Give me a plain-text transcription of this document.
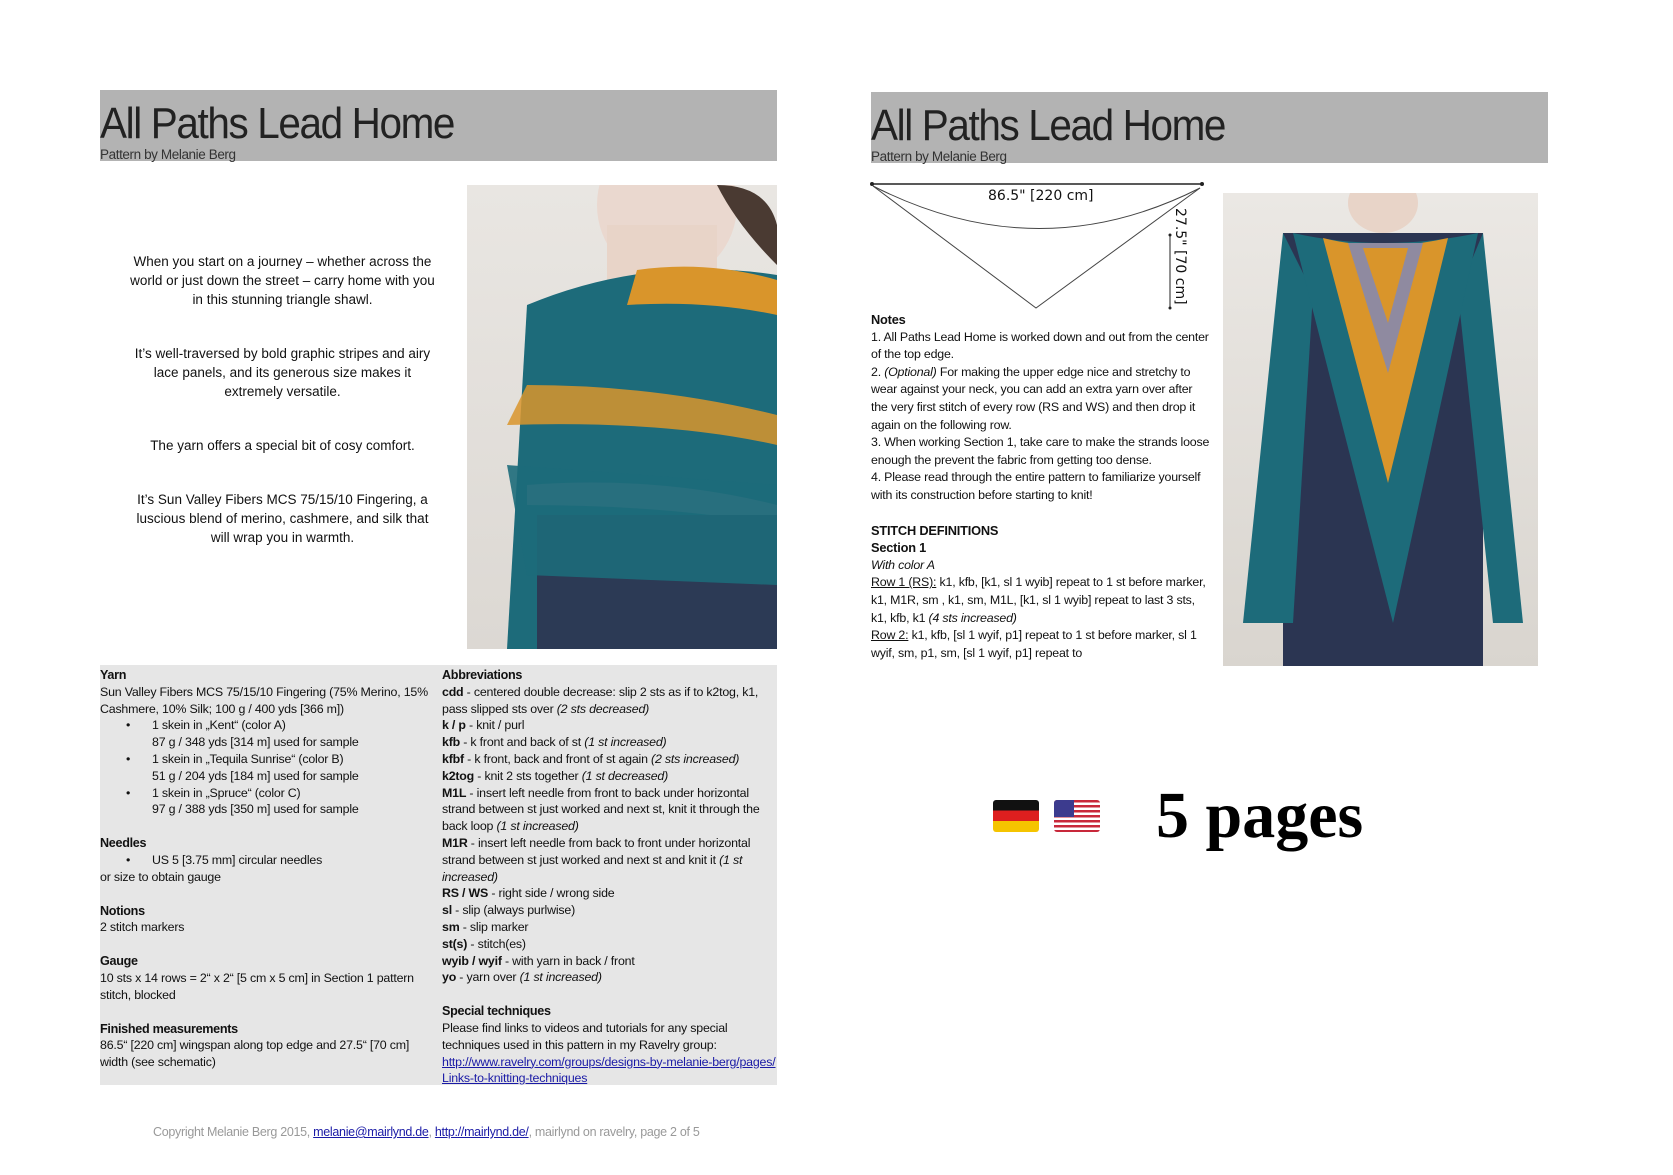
All Paths Lead Home
Pattern by Melanie Berg

When you start on a journey – whether across the world or just down the street – carry home with you in this stunning triangle shawl.

It’s well-traversed by bold graphic stripes and airy lace panels, and its generous size makes it extremely versatile.

The yarn offers a special bit of cosy comfort.

It’s Sun Valley Fibers MCS 75/15/10 Fingering, a luscious blend of merino, cashmere, and silk that will wrap you in warmth.

Yarn
Sun Valley Fibers MCS 75/15/10 Fingering (75% Merino, 15% Cashmere, 10% Silk; 100 g / 400 yds [366 m])
• 1 skein in „Kent“ (color A)
87 g / 348 yds [314 m] used for sample
• 1 skein in „Tequila Sunrise“ (color B)
51 g / 204 yds [184 m] used for sample
• 1 skein in „Spruce“ (color C)
97 g / 388 yds [350 m] used for sample
Needles
• US 5 [3.75 mm] circular needles
or size to obtain gauge
Notions
2 stitch markers
Gauge
10 sts x 14 rows = 2“ x 2“ [5 cm x 5 cm] in Section 1 pattern stitch, blocked
Finished measurements
86.5“ [220 cm] wingspan along top edge and 27.5“ [70 cm] width (see schematic)
Abbreviations
cdd - centered double decrease: slip 2 sts as if to k2tog, k1, pass slipped sts over (2 sts decreased)
k / p - knit / purl
kfb - k front and back of st (1 st increased)
kfbf - k front, back and front of st again (2 sts increased)
k2tog - knit 2 sts together (1 st decreased)
M1L - insert left needle from front to back under horizontal strand between st just worked and next st, knit it through the back loop (1 st increased)
M1R - insert left needle from back to front under horizontal strand between st just worked and next st and knit it (1 st increased)
RS / WS - right side / wrong side
sl - slip (always purlwise)
sm - slip marker
st(s) - stitch(es)
wyib / wyif - with yarn in back / front
yo - yarn over (1 st increased)
Special techniques
Please find links to videos and tutorials for any special techniques used in this pattern in my Ravelry group:
http://www.ravelry.com/groups/designs-by-melanie-berg/pages/Links-to-knitting-techniques
Copyright Melanie Berg 2015, melanie@mairlynd.de, http://mairlynd.de/, mairlynd on ravelry, page 2 of 5
All Paths Lead Home
Pattern by Melanie Berg
86.5" [220 cm]
27.5" [70 cm]
Notes
1. All Paths Lead Home is worked down and out from the center of the top edge.
2. (Optional) For making the upper edge nice and stretchy to wear against your neck, you can add an extra yarn over after the very first stitch of every row (RS and WS) and then drop it again on the following row.
3. When working Section 1, take care to make the strands loose enough the prevent the fabric from getting too dense.
4. Please read through the entire pattern to familiarize yourself with its construction before starting to knit!
STITCH DEFINITIONS
Section 1
With color A
Row 1 (RS): k1, kfb, [k1, sl 1 wyib] repeat to 1 st before marker, k1, M1R, sm , k1, sm, M1L, [k1, sl 1 wyib] repeat to last 3 sts, k1, kfb, k1 (4 sts increased)
Row 2: k1, kfb, [sl 1 wyif, p1] repeat to 1 st before marker, sl 1 wyif, sm, p1, sm, [sl 1 wyif, p1] repeat to
5 pages
